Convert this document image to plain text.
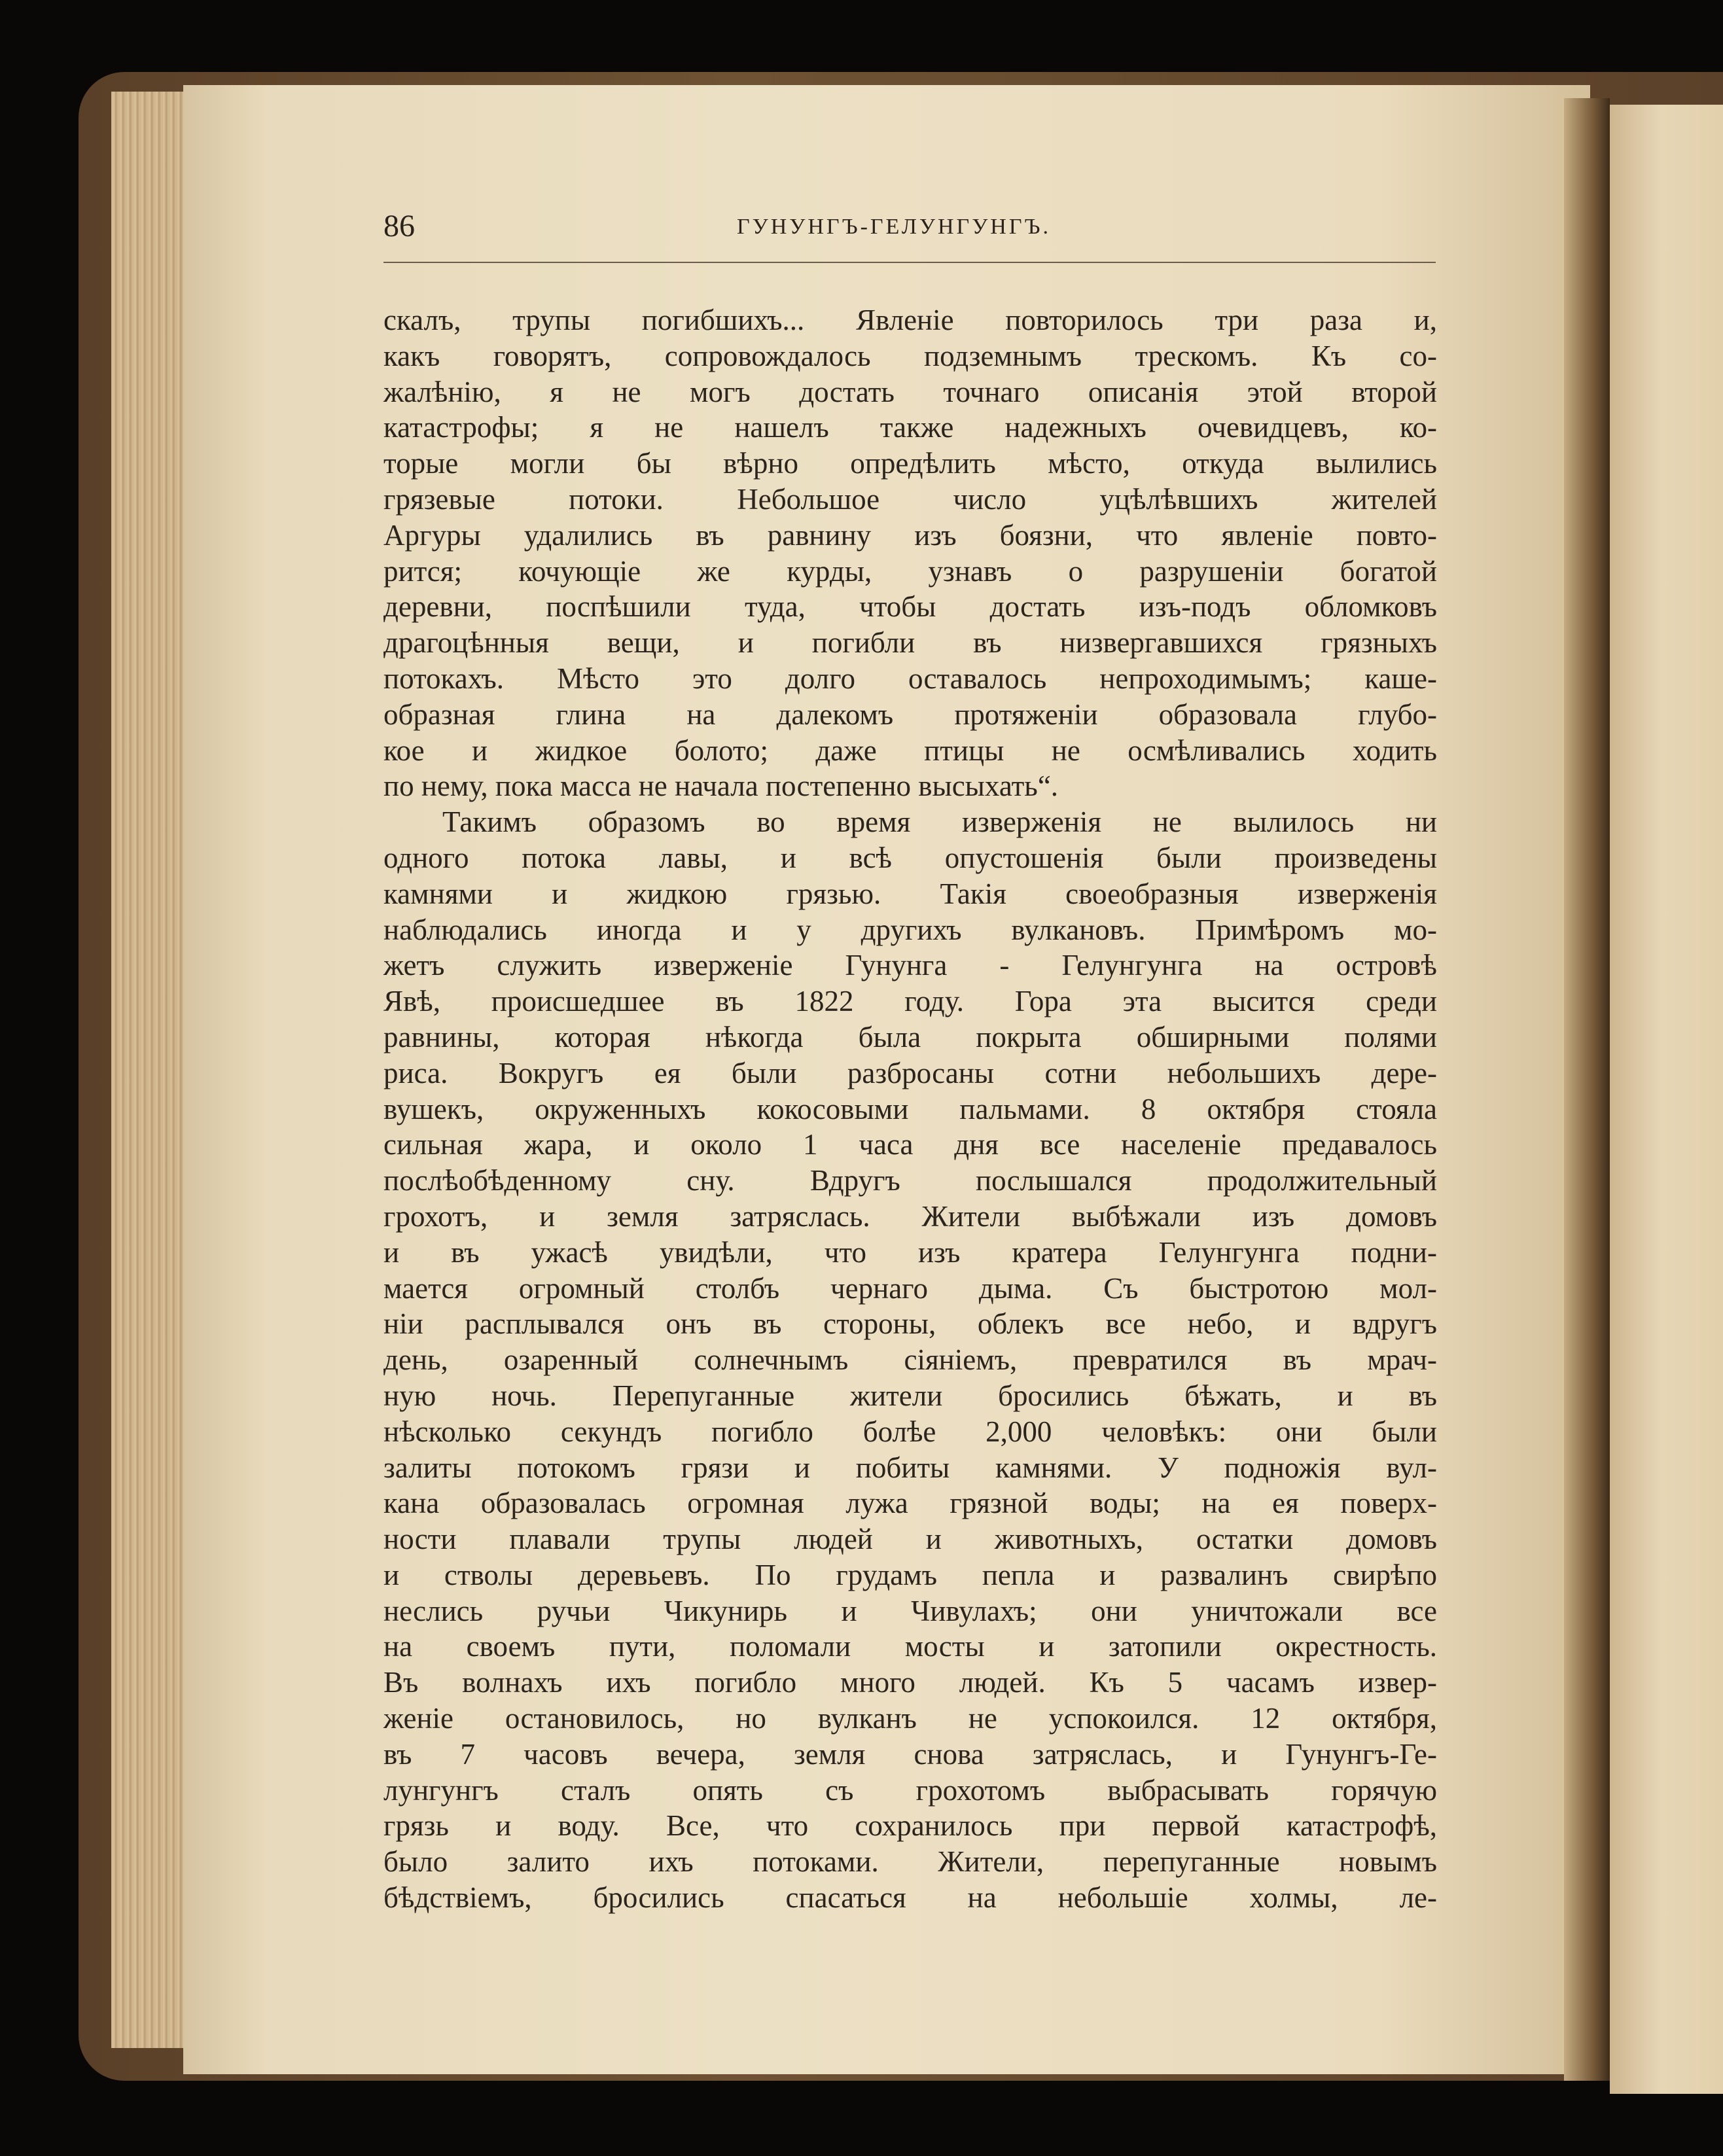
86	ГУНУНГЪ-ГЕЛУНГУНГЪ.
скалъ, трупы погибшихъ... Явленіе повторилось три раза и,
какъ говорятъ, сопровождалось подземнымъ трескомъ. Къ со-
жалѣнію, я не могъ достать точнаго описанія этой второй
катастрофы; я не нашелъ также надежныхъ очевидцевъ, ко-
торые могли бы вѣрно опредѣлить мѣсто, откуда вылились
грязевые потоки. Небольшое число уцѣлѣвшихъ жителей
Аргуры удалились въ равнину изъ боязни, что явленіе повто-
рится; кочующіе же курды, узнавъ о разрушеніи богатой
деревни, поспѣшили туда, чтобы достать изъ-подъ обломковъ
драгоцѣнныя вещи, и погибли въ низвергавшихся грязныхъ
потокахъ. Мѣсто это долго оставалось непроходимымъ; каше-
образная глина на далекомъ протяженіи образовала глубо-
кое и жидкое болото; даже птицы не осмѣливались ходить
по нему, пока масса не начала постепенно высыхать“.
Такимъ образомъ во время изверженія не вылилось ни
одного потока лавы, и всѣ опустошенія были произведены
камнями и жидкою грязью. Такія своеобразныя изверженія
наблюдались иногда и у другихъ вулкановъ. Примѣромъ мо-
жетъ служить изверженіе Гунунга - Гелунгунга на островѣ
Явѣ, происшедшее въ 1822 году. Гора эта высится среди
равнины, которая нѣкогда была покрыта обширными полями
риса. Вокругъ ея были разбросаны сотни небольшихъ дере-
вушекъ, окруженныхъ кокосовыми пальмами. 8 октября стояла
сильная жара, и около 1 часа дня все населеніе предавалось
послѣобѣденному сну. Вдругъ послышался продолжительный
грохотъ, и земля затряслась. Жители выбѣжали изъ домовъ
и въ ужасѣ увидѣли, что изъ кратера Гелунгунга подни-
мается огромный столбъ чернаго дыма. Съ быстротою мол-
ніи расплывался онъ въ стороны, облекъ все небо, и вдругъ
день, озаренный солнечнымъ сіяніемъ, превратился въ мрач-
ную ночь. Перепуганные жители бросились бѣжать, и въ
нѣсколько секундъ погибло болѣе 2,000 человѣкъ: они были
залиты потокомъ грязи и побиты камнями. У подножія вул-
кана образовалась огромная лужа грязной воды; на ея поверх-
ности плавали трупы людей и животныхъ, остатки домовъ
и стволы деревьевъ. По грудамъ пепла и развалинъ свирѣпо
неслись ручьи Чикунирь и Чивулахъ; они уничтожали все
на своемъ пути, поломали мосты и затопили окрестность.
Въ волнахъ ихъ погибло много людей. Къ 5 часамъ извер-
женіе остановилось, но вулканъ не успокоился. 12 октября,
въ 7 часовъ вечера, земля снова затряслась, и Гунунгъ-Ге-
лунгунгъ сталъ опять съ грохотомъ выбрасывать горячую
грязь и воду. Все, что сохранилось при первой катастрофѣ,
было залито ихъ потоками. Жители, перепуганные новымъ
бѣдствіемъ, бросились спасаться на небольшіе холмы, ле-
